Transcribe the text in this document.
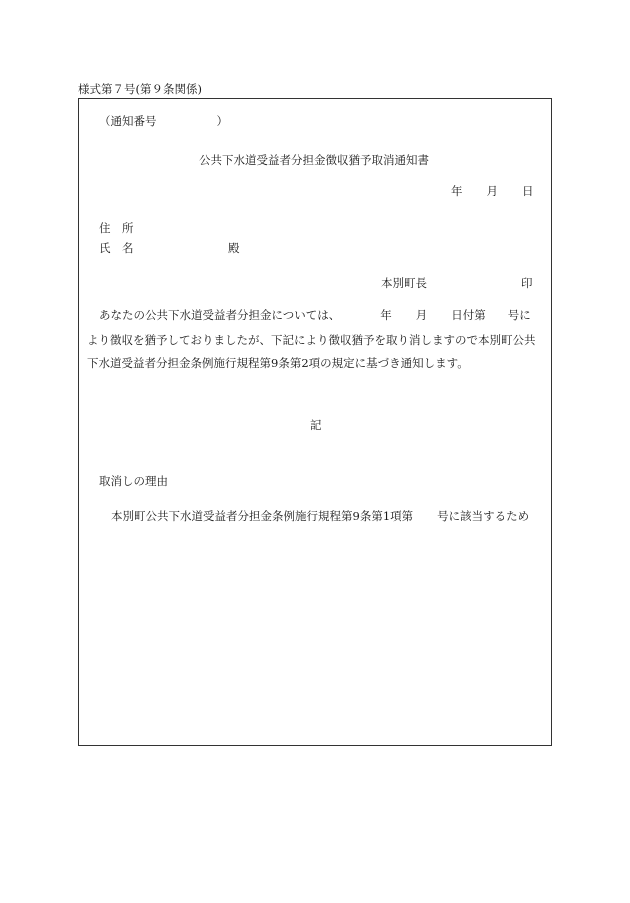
様式第７号(第９条関係)
（通知番号	）
公共下水道受益者分担金徴収猶予取消通知書
年 月 日
住　所
氏　名	殿
本別町長	印
あなたの公共下水道受益者分担金については、	年 月 日付第 号に
より徴収を猶予しておりましたが、下記により徴収猶予を取り消しますので本別町公共
下水道受益者分担金条例施行規程第9条第2項の規定に基づき通知します。
記
取消しの理由
本別町公共下水道受益者分担金条例施行規程第9条第1項第 号に該当するため
